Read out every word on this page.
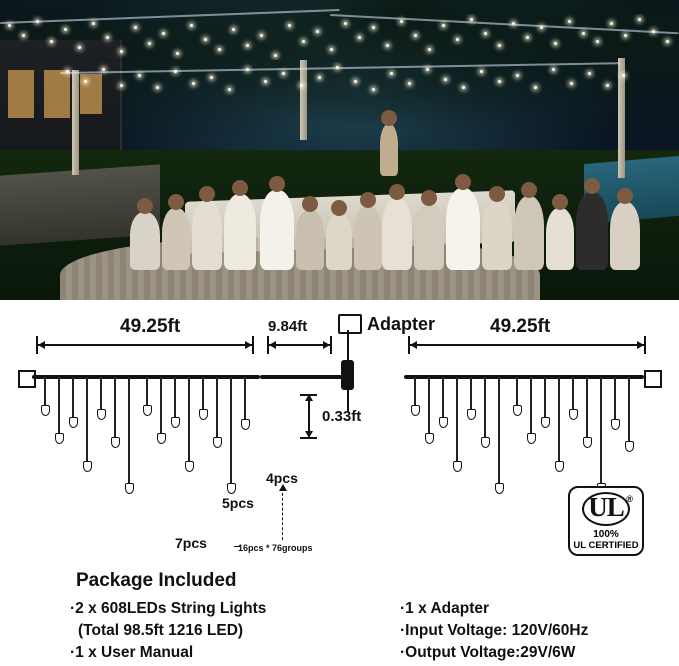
Adapter
49.25ft	9.84ft	49.25ft
0.33ft
4pcs
5pcs
7pcs	16pcs * 76groups
UL ®
100%
UL CERTIFIED
Package Included
·2 x 608LEDs String Lights
(Total 98.5ft 1216 LED)
·1 x User Manual
·1 x Adapter
·Input Voltage: 120V/60Hz
·Output Voltage:29V/6W
